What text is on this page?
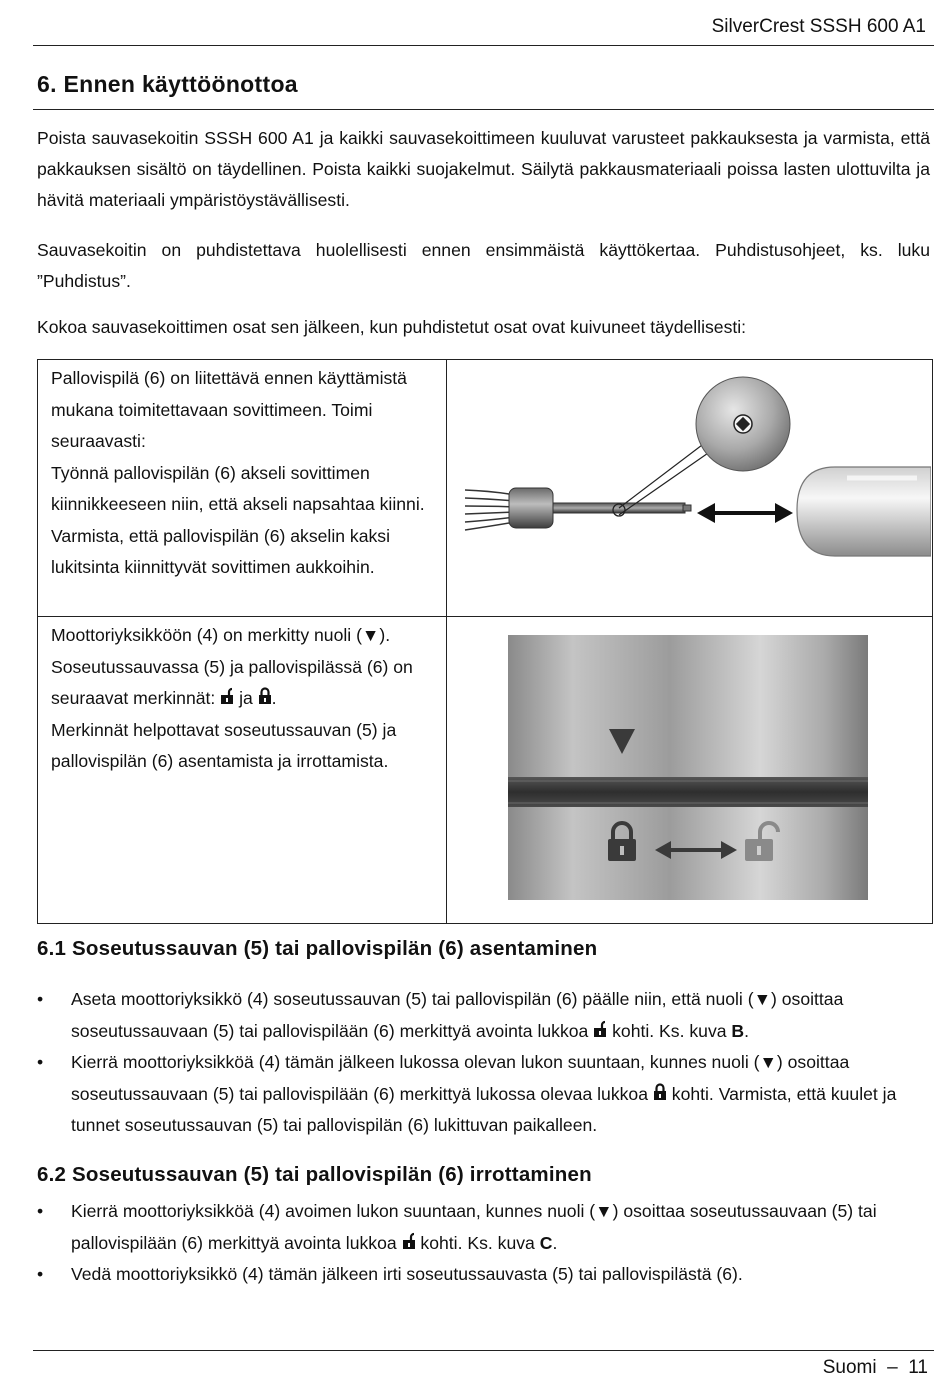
SilverCrest SSSH 600 A1
6. Ennen käyttöönottoa

Poista sauvasekoitin SSSH 600 A1 ja kaikki sauvasekoittimeen kuuluvat varusteet pakkauksesta ja varmista, että pakkauksen sisältö on täydellinen. Poista kaikki suojakelmut. Säilytä pakkausmateriaali poissa lasten ulottuvilta ja hävitä materiaali ympäristöystävällisesti.

Sauvasekoitin on puhdistettava huolellisesti ennen ensimmäistä käyttökertaa. Puhdistusohjeet, ks. luku ”Puhdistus”.

Kokoa sauvasekoittimen osat sen jälkeen, kun puhdistetut osat ovat kuivuneet täydellisesti:

Pallovispilä (6) on liitettävä ennen käyttämistä mukana toimitettavaan sovittimeen. Toimi seuraavasti:
Työnnä pallovispilän (6) akseli sovittimen kiinnikkeeseen niin, että akseli napsahtaa kiinni. Varmista, että pallovispilän (6) akselin kaksi lukitsinta kiinnittyvät sovittimen aukkoihin.	

Moottoriyksikköön (4) on merkitty nuoli (▼).
Soseutussauvassa (5) ja pallovispilässä (6) on seuraavat merkinnät: ja .
Merkinnät helpottavat soseutussauvan (5) ja pallovispilän (6) asentamista ja irrottamista.	
6.1 Soseutussauvan (5) tai pallovispilän (6) asentaminen
• Aseta moottoriyksikkö (4) soseutussauvan (5) tai pallovispilän (6) päälle niin, että nuoli (▼) osoittaa soseutussauvaan (5) tai pallovispilään (6) merkittyä avointa lukkoa kohti. Ks. kuva B.
• Kierrä moottoriyksikköä (4) tämän jälkeen lukossa olevan lukon suuntaan, kunnes nuoli (▼) osoittaa soseutussauvaan (5) tai pallovispilään (6) merkittyä lukossa olevaa lukkoa kohti. Varmista, että kuulet ja tunnet soseutussauvan (5) tai pallovispilän (6) lukittuvan paikalleen.
6.2 Soseutussauvan (5) tai pallovispilän (6) irrottaminen
• Kierrä moottoriyksikköä (4) avoimen lukon suuntaan, kunnes nuoli (▼) osoittaa soseutussauvaan (5) tai pallovispilään (6) merkittyä avointa lukkoa kohti. Ks. kuva C.
• Vedä moottoriyksikkö (4) tämän jälkeen irti soseutussauvasta (5) tai pallovispilästä (6).
Suomi  –  11
